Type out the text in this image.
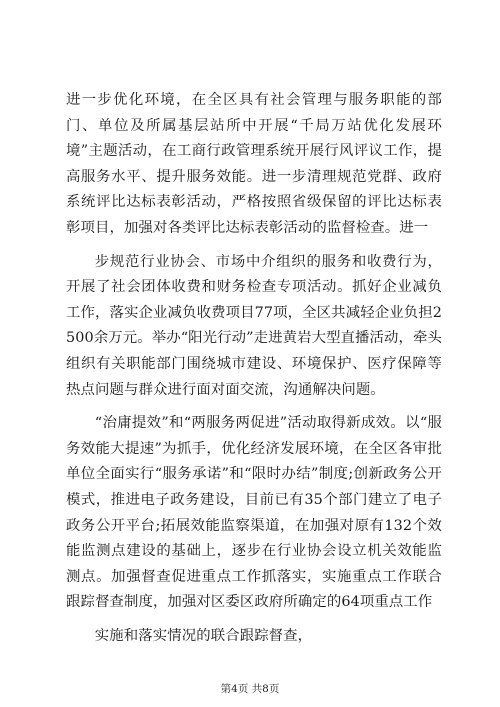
进一步优化环境，在全区具有社会管理与服务职能的部门、单位及所属基层站所中开展“千局万站优化发展环境”主题活动，在工商行政管理系统开展行风评议工作，提高服务水平、提升服务效能。进一步清理规范党群、政府系统评比达标表彰活动，严格按照省级保留的评比达标表彰项目，加强对各类评比达标表彰活动的监督检查。进一

步规范行业协会、市场中介组织的服务和收费行为，开展了社会团体收费和财务检查专项活动。抓好企业减负工作，落实企业减负收费项目77项，全区共减轻企业负担2500余万元。举办“阳光行动”走进黄岩大型直播活动，牵头组织有关职能部门围绕城市建设、环境保护、医疗保障等热点问题与群众进行面对面交流，沟通解决问题。

“治庸提效”和“两服务两促进”活动取得新成效。以“服务效能大提速”为抓手，优化经济发展环境，在全区各审批单位全面实行“服务承诺”和“限时办结”制度;创新政务公开模式，推进电子政务建设，目前已有35个部门建立了电子政务公开平台;拓展效能监察渠道，在加强对原有132个效能监测点建设的基础上，逐步在行业协会设立机关效能监测点。加强督查促进重点工作抓落实，实施重点工作联合跟踪督查制度，加强对区委区政府所确定的64项重点工作

实施和落实情况的联合跟踪督查，

第4页 共8页
